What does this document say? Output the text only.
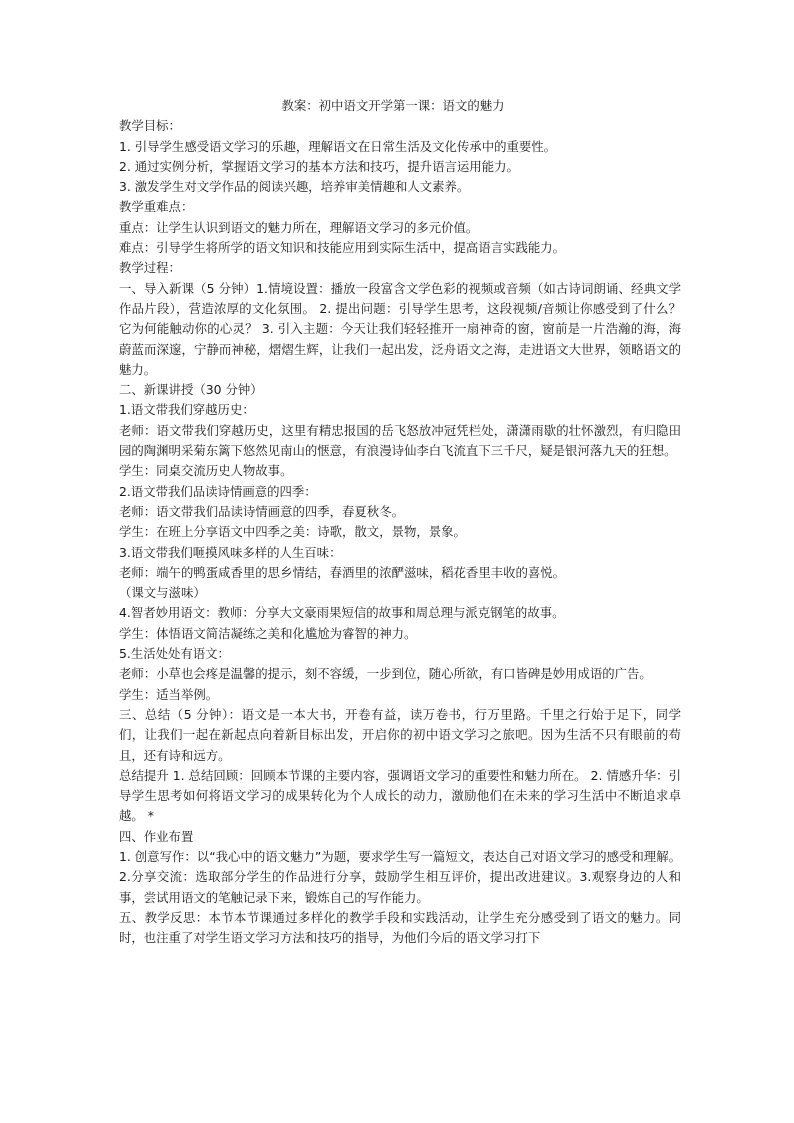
教案：初中语文开学第一课：语文的魅力

教学目标：

1. 引导学生感受语文学习的乐趣，理解语文在日常生活及文化传承中的重要性。

2. 通过实例分析，掌握语文学习的基本方法和技巧，提升语言运用能力。

3. 激发学生对文学作品的阅读兴趣，培养审美情趣和人文素养。

教学重难点：

重点：让学生认识到语文的魅力所在，理解语文学习的多元价值。

难点：引导学生将所学的语文知识和技能应用到实际生活中，提高语言实践能力。

教学过程：

一、导入新课（5 分钟）1.情境设置：播放一段富含文学色彩的视频或音频（如古诗词朗诵、经典文学作品片段），营造浓厚的文化氛围。 2. 提出问题：引导学生思考，这段视频/音频让你感受到了什么？它为何能触动你的心灵？ 3. 引入主题：今天让我们轻轻推开一扇神奇的窗，窗前是一片浩瀚的海，海蔚蓝而深邃，宁静而神秘，熠熠生辉，让我们一起出发，泛舟语文之海，走进语文大世界，领略语文的魅力。

二、新课讲授（30 分钟）

1.语文带我们穿越历史：

老师：语文带我们穿越历史，这里有精忠报国的岳飞怒放冲冠凭栏处，潇潇雨歇的壮怀激烈，有归隐田园的陶渊明采菊东篱下悠然见南山的惬意，有浪漫诗仙李白飞流直下三千尺，疑是银河落九天的狂想。

学生：同桌交流历史人物故事。

2.语文带我们品读诗情画意的四季：

老师：语文带我们品读诗情画意的四季，春夏秋冬。

学生：在班上分享语文中四季之美：诗歌，散文，景物，景象。

3.语文带我们咂摸风味多样的人生百味：

老师：端午的鸭蛋咸香里的思乡情结，春酒里的浓酽滋味，稻花香里丰收的喜悦。

（课文与滋味）

4.智者妙用语文：教师：分享大文豪雨果短信的故事和周总理与派克钢笔的故事。

学生：体悟语文简洁凝练之美和化尴尬为睿智的神力。

5.生活处处有语文：

老师：小草也会疼是温馨的提示，刻不容缓，一步到位，随心所欲，有口皆碑是妙用成语的广告。

学生：适当举例。

三、总结（5 分钟）：语文是一本大书，开卷有益，读万卷书，行万里路。千里之行始于足下，同学们，让我们一起在新起点向着新目标出发，开启你的初中语文学习之旅吧。因为生活不只有眼前的苟且，还有诗和远方。

总结提升 1. 总结回顾：回顾本节课的主要内容，强调语文学习的重要性和魅力所在。 2. 情感升华：引导学生思考如何将语文学习的成果转化为个人成长的动力，激励他们在未来的学习生活中不断追求卓越。 *

四、作业布置

1. 创意写作：以“我心中的语文魅力”为题，要求学生写一篇短文，表达自己对语文学习的感受和理解。2.分享交流：选取部分学生的作品进行分享，鼓励学生相互评价，提出改进建议。3.观察身边的人和事，尝试用语文的笔触记录下来，锻炼自己的写作能力。

五、教学反思：本节本节课通过多样化的教学手段和实践活动，让学生充分感受到了语文的魅力。同时，也注重了对学生语文学习方法和技巧的指导，为他们今后的语文学习打下
